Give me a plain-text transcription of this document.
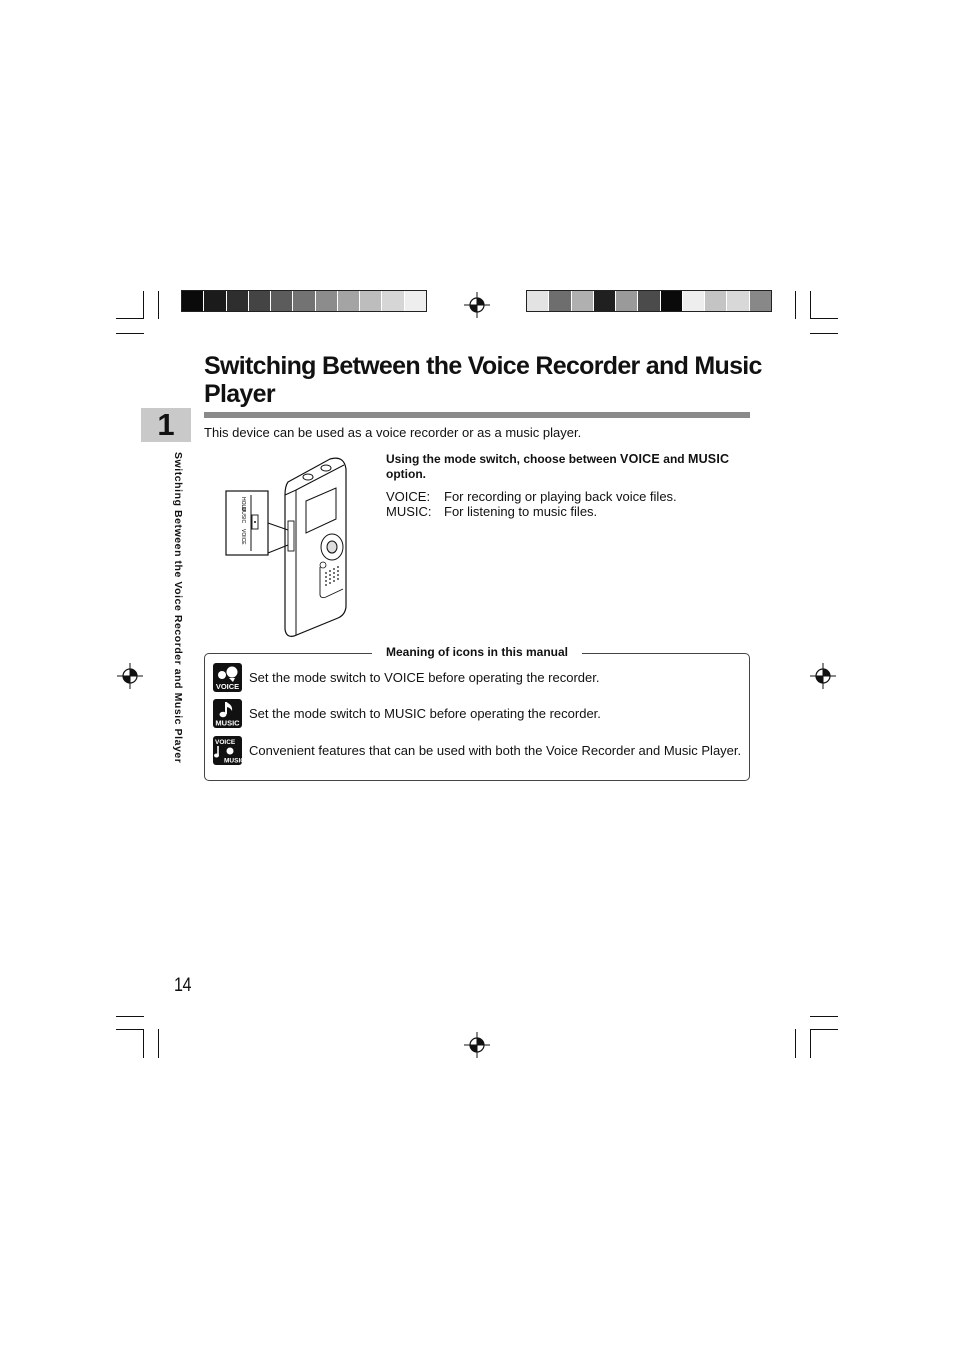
1
Switching Between the Voice Recorder and Music Player
Switching Between the Voice Recorder and Music Player
This device can be used as a voice recorder or as a music player.
HOLD
MUSIC
VOICE
Using the mode switch, choose between VOICE and MUSIC
option.
VOICE:	For recording or playing back voice files.
MUSIC: For listening to music files.
Meaning of icons in this manual
VOICE
Set the mode switch to VOICE before operating the recorder.
MUSIC
Set the mode switch to MUSIC before operating the recorder.
VOICE
MUSIC
Convenient features that can be used with both the Voice Recorder and Music Player.
14
